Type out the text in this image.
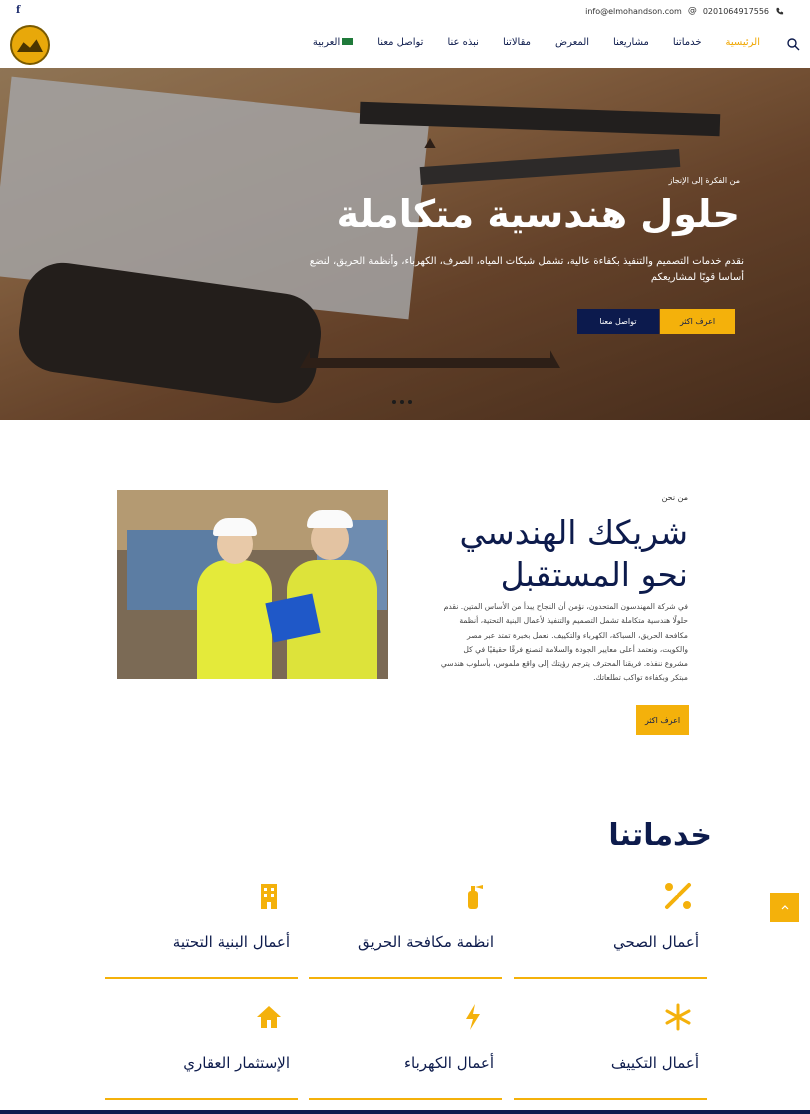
f	info@elmohandson.com @ 0201064917556
الرئيسية
خدماتنا
مشاريعنا
المعرض
مقالاتنا
نبذه عنا
تواصل معنا
العربية
من الفكرة إلى الإنجاز
حلول هندسية متكاملة

نقدم خدمات التصميم والتنفيذ بكفاءة عالية، تشمل شبكات المياه، الصرف، الكهرباء، وأنظمة الحريق، لنضع أساسا قويًا لمشاريعكم

اعرف اكثر
تواصل معنا
من نحن
شريكك الهندسي نحو المستقبل
في شركة المهندسون المتحدون، نؤمن أن النجاح يبدأ من الأساس المتين. نقدم حلولًا هندسية متكاملة تشمل التصميم والتنفيذ لأعمال البنية التحتية، أنظمة مكافحة الحريق، السباكة، الكهرباء والتكييف. نعمل بخبرة تمتد عبر مصر والكويت، ونعتمد أعلى معايير الجودة والسلامة لنصنع فرقًا حقيقيًا في كل مشروع ننفذه. فريقنا المحترف يترجم رؤيتك إلى واقع ملموس، بأسلوب هندسي مبتكر وبكفاءة تواكب تطلعاتك.
اعرف اكثر
خدماتنا
أعمال الصحي
انظمة مكافحة الحريق
أعمال البنية التحتية
أعمال التكييف
أعمال الكهرباء
الإستثمار العقاري
